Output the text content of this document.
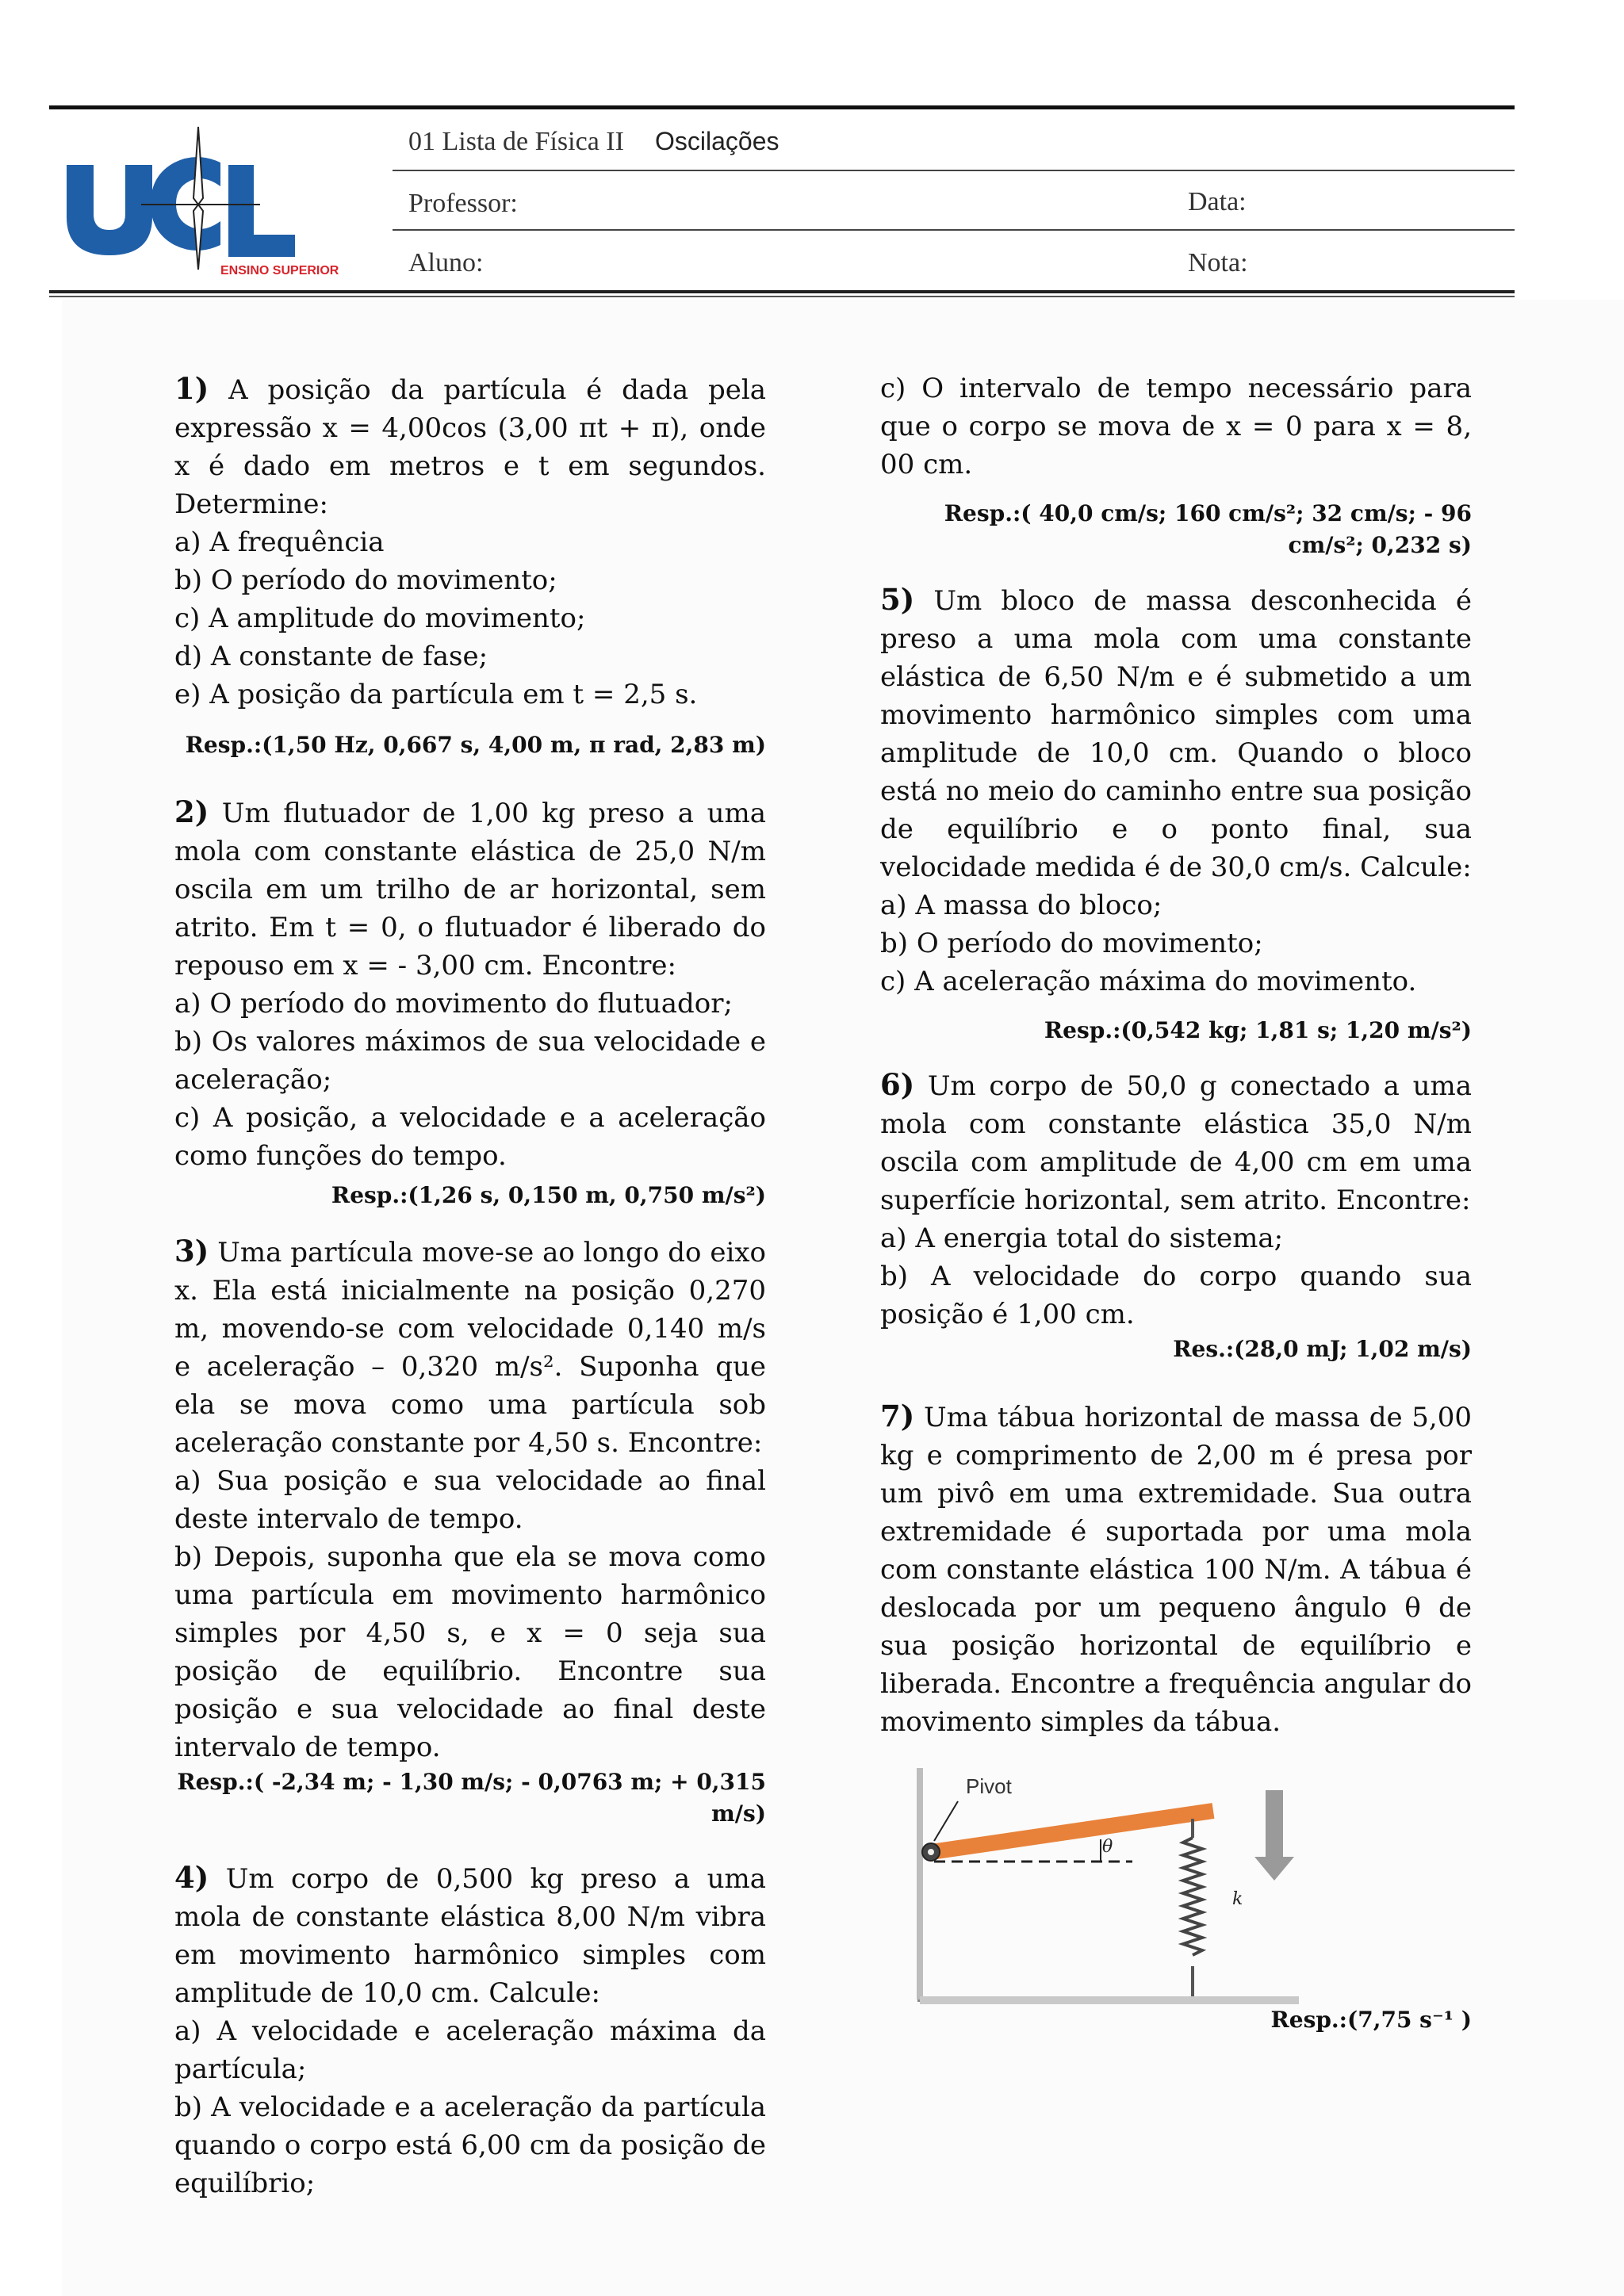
ENSINO SUPERIOR
01 Lista de Física II Oscilações
Professor:	Data:
Aluno:	Nota:
1) A posição da partícula é dada pela expressão x = 4,00cos (3,00 πt + π), onde x é dado em metros e t em segundos. Determine:
a) A frequência
b) O período do movimento;
c) A amplitude do movimento;
d) A constante de fase;
e) A posição da partícula em t = 2,5 s.
Resp.:(1,50 Hz, 0,667 s, 4,00 m, π rad, 2,83 m)
2) Um flutuador de 1,00 kg preso a uma mola com constante elástica de 25,0 N/m oscila em um trilho de ar horizontal, sem atrito. Em t = 0, o flutuador é liberado do repouso em x = - 3,00 cm. Encontre:
a) O período do movimento do flutuador;
b) Os valores máximos de sua velocidade e aceleração;
c) A posição, a velocidade e a aceleração como funções do tempo.
Resp.:(1,26 s, 0,150 m, 0,750 m/s²)
3) Uma partícula move-se ao longo do eixo x. Ela está inicialmente na posição 0,270 m, movendo-se com velocidade 0,140 m/s e aceleração – 0,320 m/s². Suponha que ela se mova como uma partícula sob aceleração constante por 4,50 s. Encontre:
a) Sua posição e sua velocidade ao final deste intervalo de tempo.
b) Depois, suponha que ela se mova como uma partícula em movimento harmônico simples por 4,50 s, e x = 0 seja sua posição de equilíbrio. Encontre sua posição e sua velocidade ao final deste intervalo de tempo.
Resp.:( -2,34 m; - 1,30 m/s; - 0,0763 m; + 0,315 m/s)
4) Um corpo de 0,500 kg preso a uma mola de constante elástica 8,00 N/m vibra em movimento harmônico simples com amplitude de 10,0 cm. Calcule:
a) A velocidade e aceleração máxima da partícula;
b) A velocidade e a aceleração da partícula quando o corpo está 6,00 cm da posição de equilíbrio;
c) O intervalo de tempo necessário para que o corpo se mova de x = 0 para x = 8, 00 cm.
Resp.:( 40,0 cm/s; 160 cm/s²; 32 cm/s; - 96 cm/s²; 0,232 s)
5) Um bloco de massa desconhecida é preso a uma mola com uma constante elástica de 6,50 N/m e é submetido a um movimento harmônico simples com uma amplitude de 10,0 cm. Quando o bloco está no meio do caminho entre sua posição de equilíbrio e o ponto final, sua velocidade medida é de 30,0 cm/s. Calcule:
a) A massa do bloco;
b) O período do movimento;
c) A aceleração máxima do movimento.
Resp.:(0,542 kg; 1,81 s; 1,20 m/s²)
6) Um corpo de 50,0 g conectado a uma mola com constante elástica 35,0 N/m oscila com amplitude de 4,00 cm em uma superfície horizontal, sem atrito. Encontre:
a) A energia total do sistema;
b) A velocidade do corpo quando sua posição é 1,00 cm.
Res.:(28,0 mJ; 1,02 m/s)
7) Uma tábua horizontal de massa de 5,00 kg e comprimento de 2,00 m é presa por um pivô em uma extremidade. Sua outra extremidade é suportada por uma mola com constante elástica 100 N/m. A tábua é deslocada por um pequeno ângulo θ de sua posição horizontal de equilíbrio e liberada. Encontre a frequência angular do movimento simples da tábua.
Pivot
θ
k
Resp.:(7,75 s⁻¹ )
